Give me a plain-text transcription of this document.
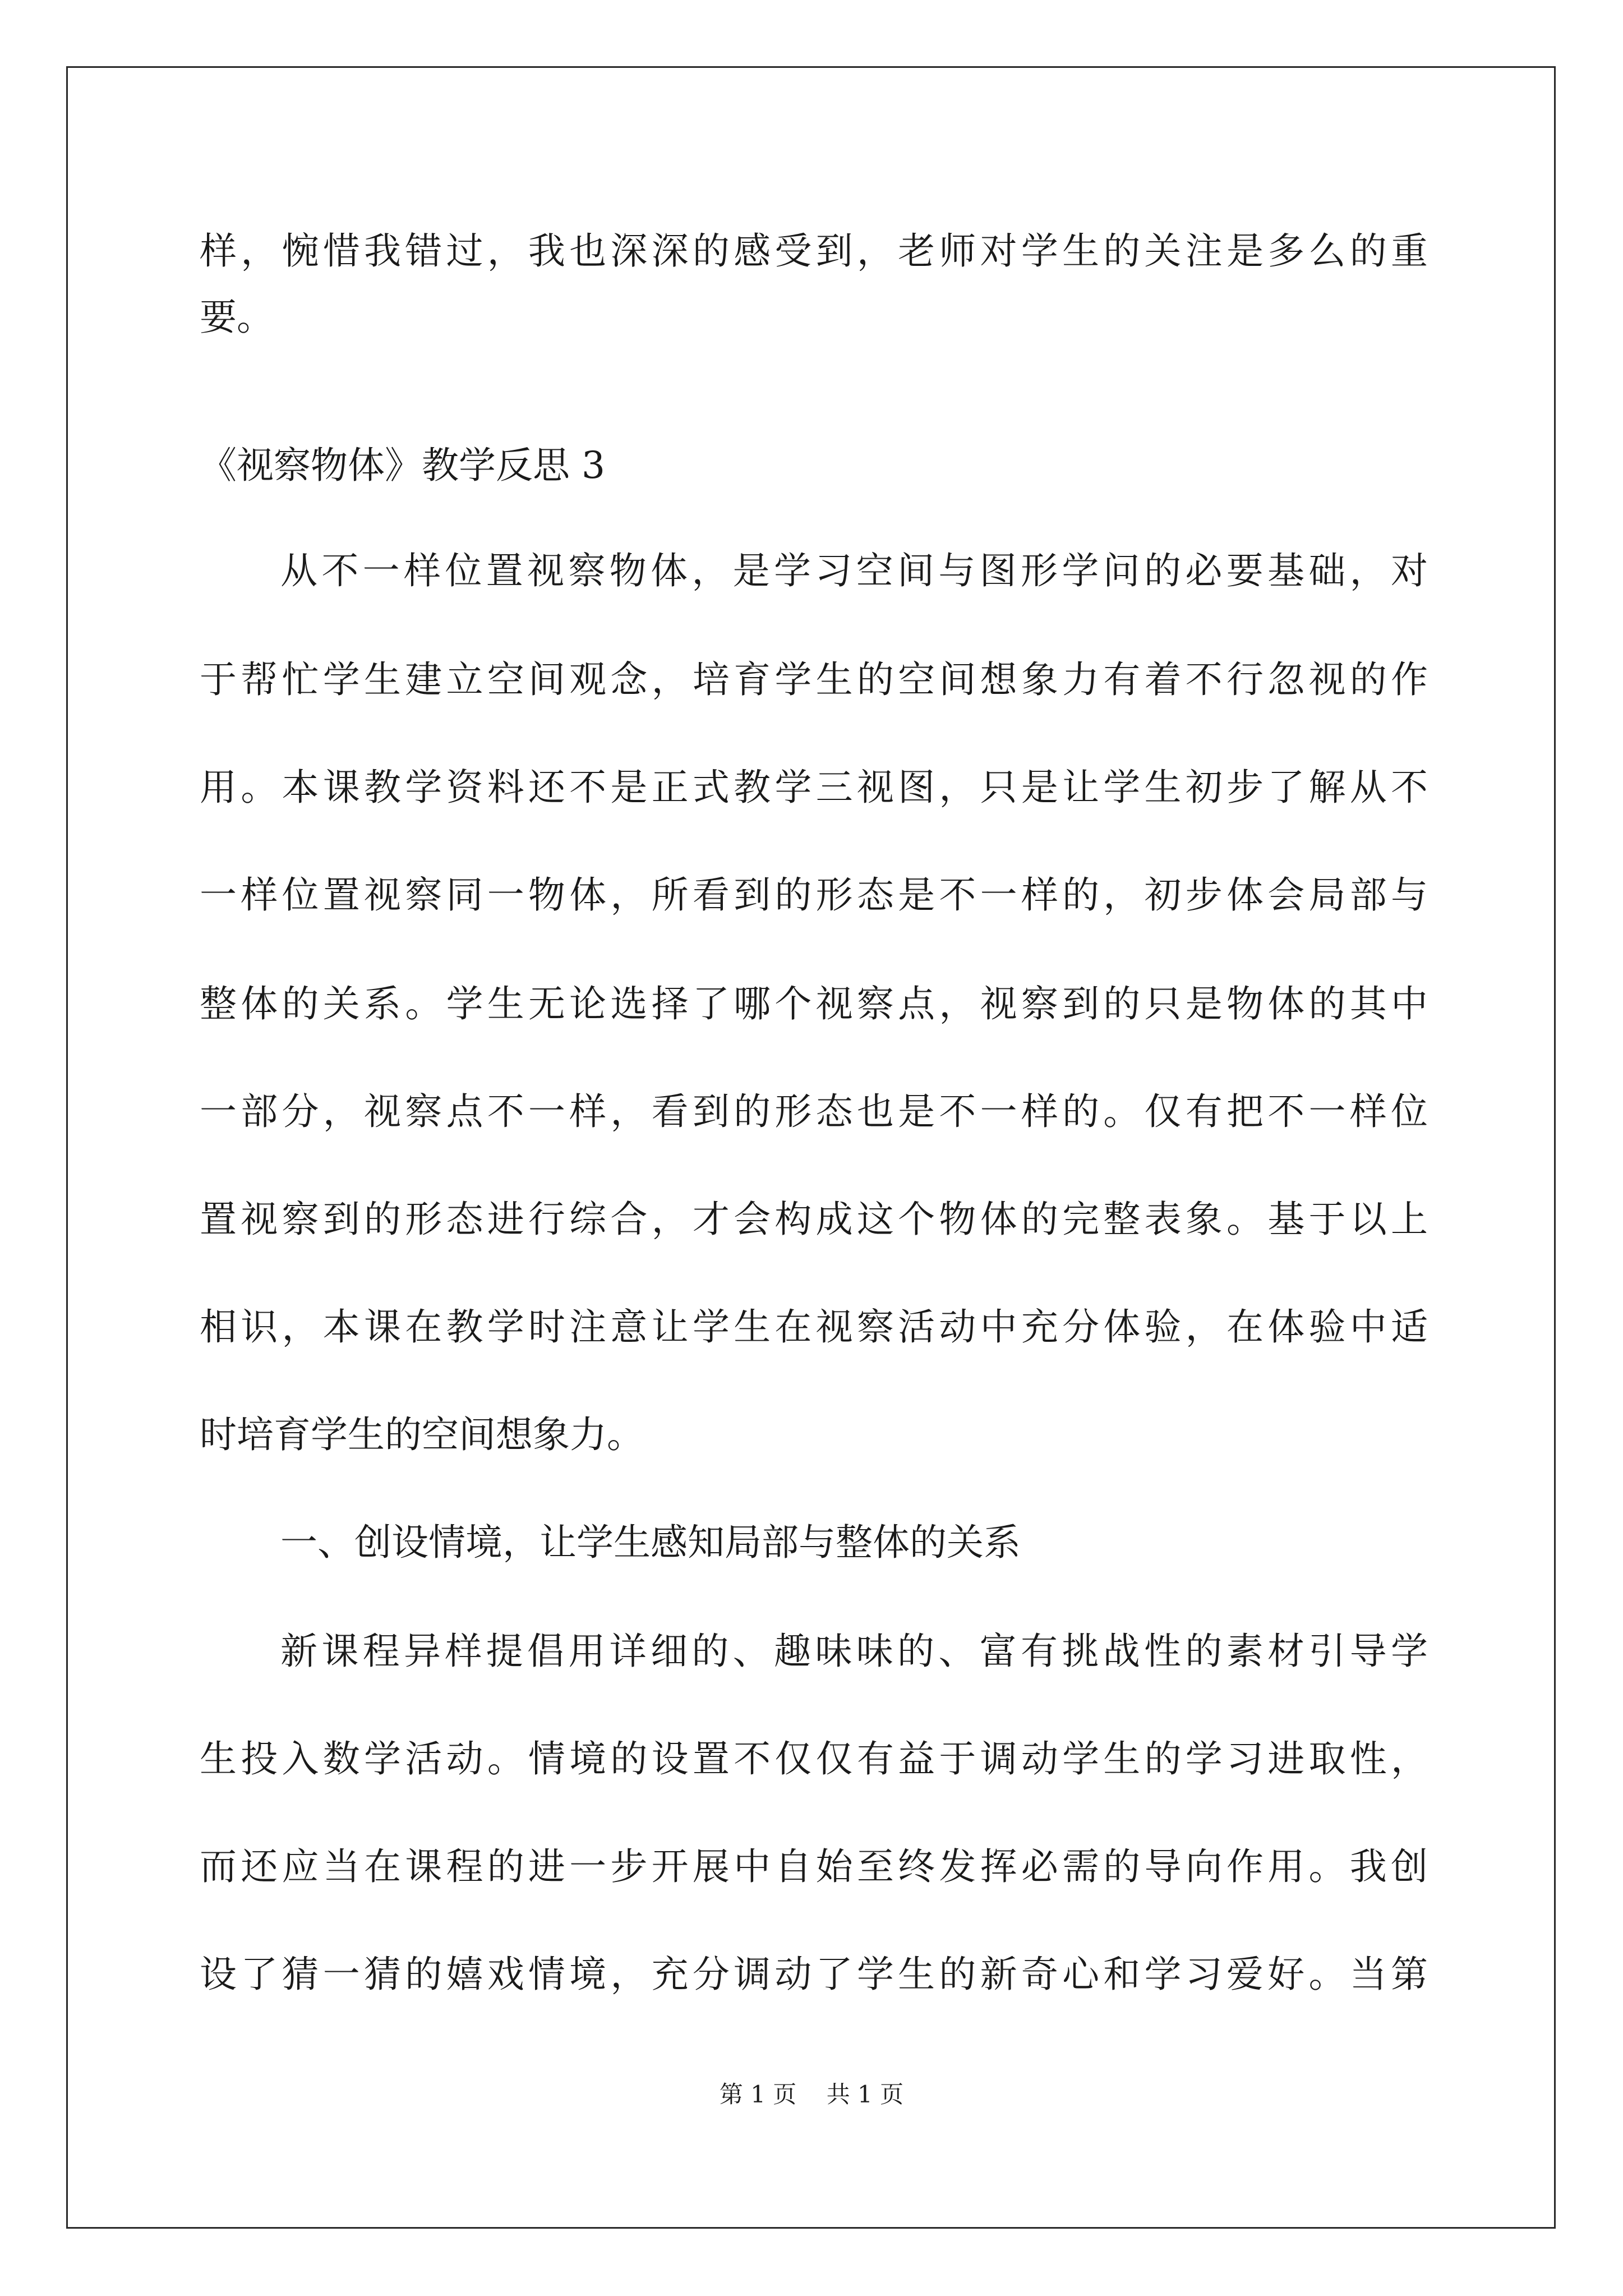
样，惋惜我错过，我也深深的感受到，老师对学生的关注是多么的重
要。
《视察物体》教学反思 3
从不一样位置视察物体，是学习空间与图形学问的必要基础，对
于帮忙学生建立空间观念，培育学生的空间想象力有着不行忽视的作
用。本课教学资料还不是正式教学三视图，只是让学生初步了解从不
一样位置视察同一物体，所看到的形态是不一样的，初步体会局部与
整体的关系。学生无论选择了哪个视察点，视察到的只是物体的其中
一部分，视察点不一样，看到的形态也是不一样的。仅有把不一样位
置视察到的形态进行综合，才会构成这个物体的完整表象。基于以上
相识，本课在教学时注意让学生在视察活动中充分体验，在体验中适
时培育学生的空间想象力。
一、创设情境，让学生感知局部与整体的关系
新课程异样提倡用详细的、趣味味的、富有挑战性的素材引导学
生投入数学活动。情境的设置不仅仅有益于调动学生的学习进取性，
而还应当在课程的进一步开展中自始至终发挥必需的导向作用。我创
设了猜一猜的嬉戏情境，充分调动了学生的新奇心和学习爱好。当第
第 1 页 共 1 页
